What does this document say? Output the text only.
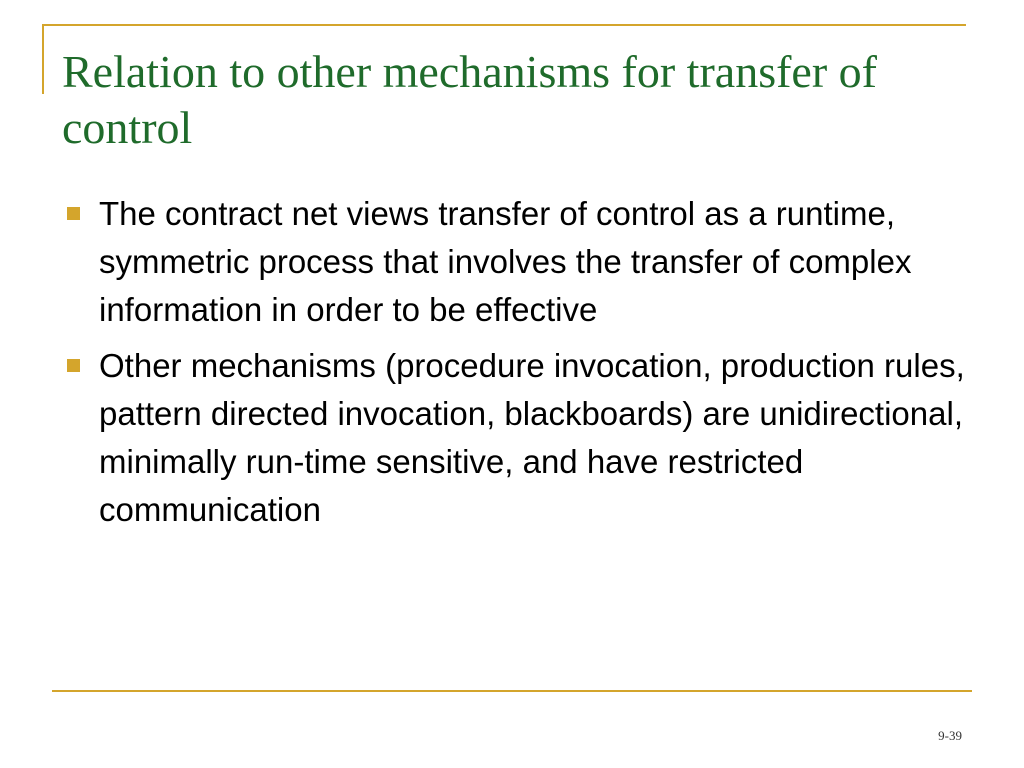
Relation to other mechanisms for transfer of control
The contract net views transfer of control as a runtime, symmetric process that involves the transfer of complex information in order to be effective
Other mechanisms (procedure invocation, production rules, pattern directed invocation, blackboards) are unidirectional, minimally run-time sensitive, and have restricted communication
9-39
